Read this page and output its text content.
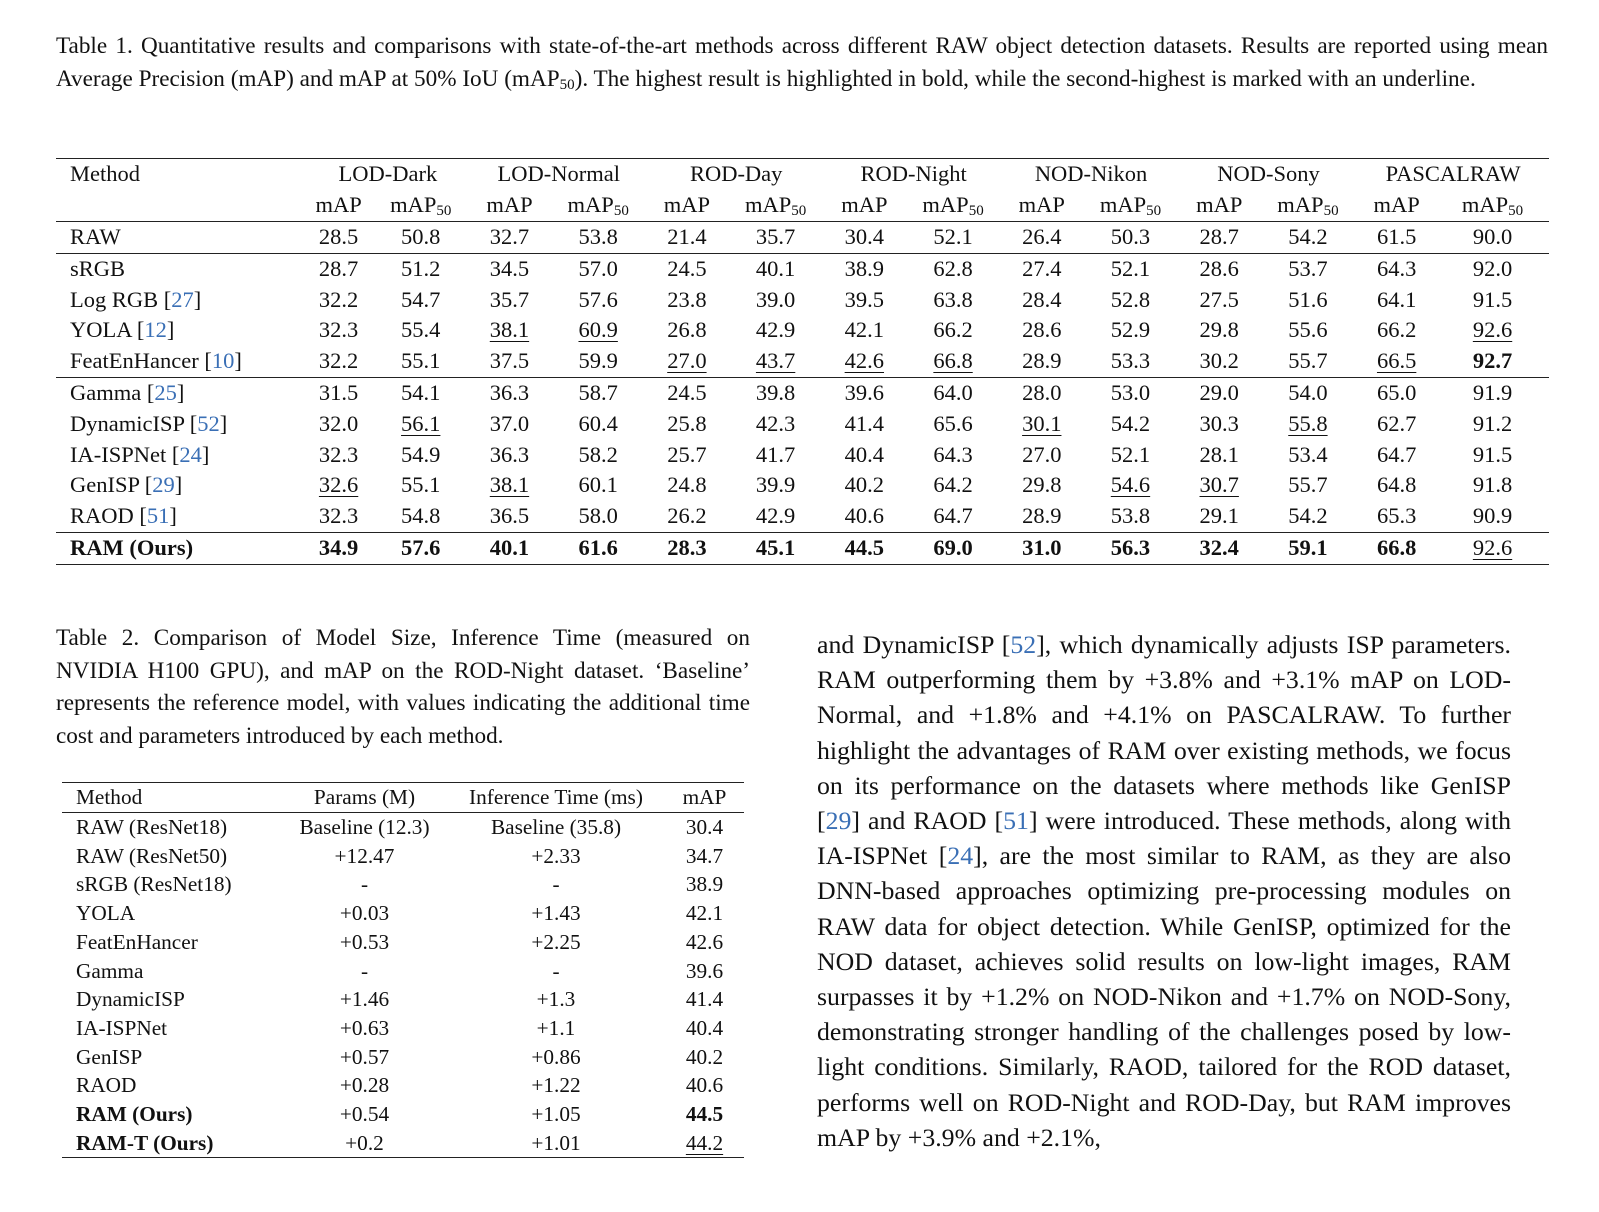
Table 1. Quantitative results and comparisons with state-of-the-art methods across different RAW object detection datasets. Results are reported using mean Average Precision (mAP) and mAP at 50% IoU (mAP$_{50}$). The highest result is highlighted in bold, while the second-highest is marked with an underline.
Method	LOD-Dark		LOD-Normal		ROD-Day		ROD-Night		NOD-Nikon		NOD-Sony		PASCALRAW	
	mAP	mAP$_{50}$	mAP	mAP$_{50}$	mAP	mAP$_{50}$	mAP	mAP$_{50}$	mAP	mAP$_{50}$	mAP	mAP$_{50}$	mAP	mAP$_{50}$
RAW	28.5	50.8	32.7	53.8	21.4	35.7	30.4	52.1	26.4	50.3	28.7	54.2	61.5	90.0
sRGB	28.7	51.2	34.5	57.0	24.5	40.1	38.9	62.8	27.4	52.1	28.6	53.7	64.3	92.0
Log RGB [27]	32.2	54.7	35.7	57.6	23.8	39.0	39.5	63.8	28.4	52.8	27.5	51.6	64.1	91.5
YOLA [12]	32.3	55.4	38.1	60.9	26.8	42.9	42.1	66.2	28.6	52.9	29.8	55.6	66.2	92.6
FeatEnHancer [10]	32.2	55.1	37.5	59.9	27.0	43.7	42.6	66.8	28.9	53.3	30.2	55.7	66.5	92.7
Gamma [25]	31.5	54.1	36.3	58.7	24.5	39.8	39.6	64.0	28.0	53.0	29.0	54.0	65.0	91.9
DynamicISP [52]	32.0	56.1	37.0	60.4	25.8	42.3	41.4	65.6	30.1	54.2	30.3	55.8	62.7	91.2
IA-ISPNet [24]	32.3	54.9	36.3	58.2	25.7	41.7	40.4	64.3	27.0	52.1	28.1	53.4	64.7	91.5
GenISP [29]	32.6	55.1	38.1	60.1	24.8	39.9	40.2	64.2	29.8	54.6	30.7	55.7	64.8	91.8
RAOD [51]	32.3	54.8	36.5	58.0	26.2	42.9	40.6	64.7	28.9	53.8	29.1	54.2	65.3	90.9
RAM (Ours)	34.9	57.6	40.1	61.6	28.3	45.1	44.5	69.0	31.0	56.3	32.4	59.1	66.8	92.6
Table 2. Comparison of Model Size, Inference Time (measured on NVIDIA H100 GPU), and mAP on the ROD-Night dataset. ‘Baseline’ represents the reference model, with values indicating the additional time cost and parameters introduced by each method.
Method	Params (M)	Inference Time (ms)	mAP
RAW (ResNet18)	Baseline (12.3)	Baseline (35.8)	30.4
RAW (ResNet50)	+12.47	+2.33	34.7
sRGB (ResNet18)	-	-	38.9
YOLA	+0.03	+1.43	42.1
FeatEnHancer	+0.53	+2.25	42.6
Gamma	-	-	39.6
DynamicISP	+1.46	+1.3	41.4
IA-ISPNet	+0.63	+1.1	40.4
GenISP	+0.57	+0.86	40.2
RAOD	+0.28	+1.22	40.6
RAM (Ours)	+0.54	+1.05	44.5
RAM-T (Ours)	+0.2	+1.01	44.2

and DynamicISP [52], which dynamically adjusts ISP parameters. RAM outperforming them by +3.8% and +3.1% mAP on LOD-Normal, and +1.8% and +4.1% on PASCALRAW. To further highlight the advantages of RAM over existing methods, we focus on its performance on the datasets where methods like GenISP [29] and RAOD [51] were introduced. These methods, along with IA-ISPNet [24], are the most similar to RAM, as they are also DNN-based approaches optimizing pre-processing modules on RAW data for object detection. While GenISP, optimized for the NOD dataset, achieves solid results on low-light images, RAM surpasses it by +1.2% on NOD-Nikon and +1.7% on NOD-Sony, demonstrating stronger handling of the challenges posed by low-light conditions. Similarly, RAOD, tailored for the ROD dataset, performs well on ROD-Night and ROD-Day, but RAM improves mAP by +3.9% and +2.1%,
